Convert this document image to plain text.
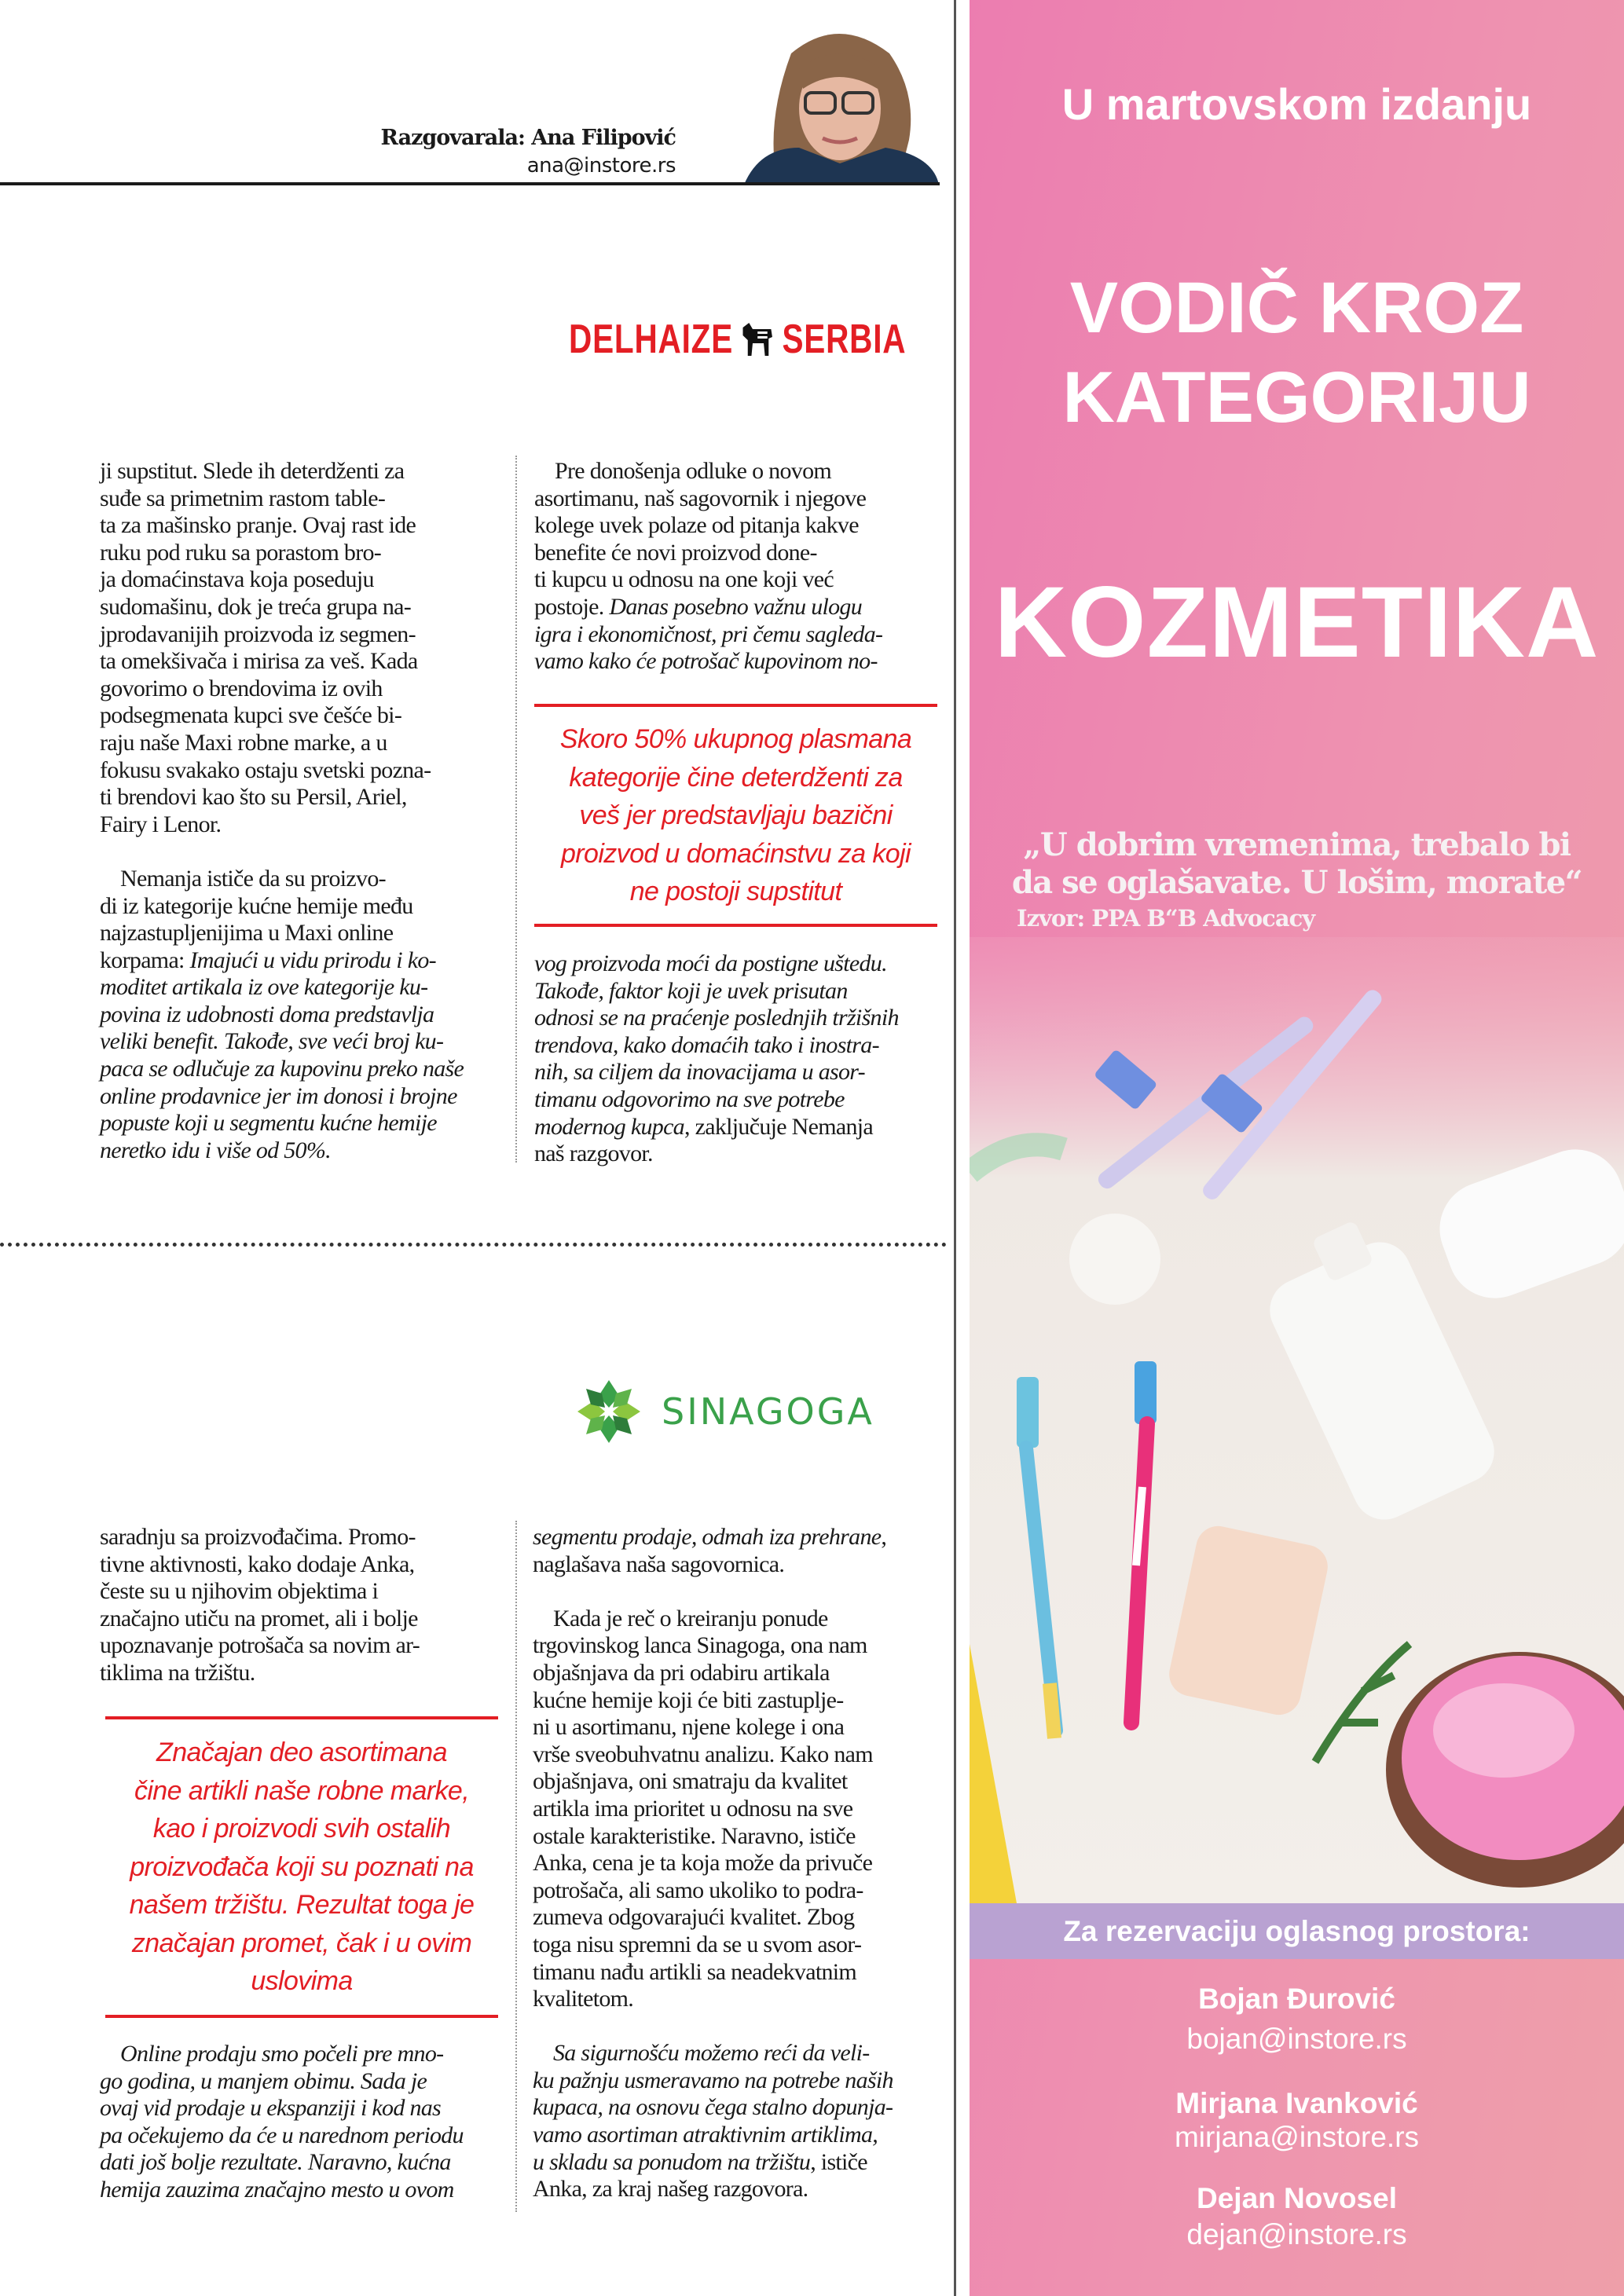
Razgovarala: Ana Filipović
ana@instore.rs
DELHAIZE SERBIA
ji supstitut. Slede ih deterdženti za
suđe sa primetnim rastom table-
ta za mašinsko pranje. Ovaj rast ide
ruku pod ruku sa porastom bro-
ja domaćinstava koja poseduju
sudomašinu, dok je treća grupa na-
jprodavanijih proizvoda iz segmen-
ta omekšivača i mirisa za veš. Kada
govorimo o brendovima iz ovih
podsegmenata kupci sve češće bi-
raju naše Maxi robne marke, a u
fokusu svakako ostaju svetski pozna-
ti brendovi kao što su Persil, Ariel,
Fairy i Lenor.
Nemanja ističe da su proizvo-
di iz kategorije kućne hemije među
najzastupljenijima u Maxi online
korpama: Imajući u vidu prirodu i ko-
moditet artikala iz ove kategorije ku-
povina iz udobnosti doma predstavlja
veliki benefit. Takođe, sve veći broj ku-
paca se odlučuje za kupovinu preko naše
online prodavnice jer im donosi i brojne
popuste koji u segmentu kućne hemije
neretko idu i više od 50%.
Pre donošenja odluke o novom
asortimanu, naš sagovornik i njegove
kolege uvek polaze od pitanja kakve
benefite će novi proizvod done-
ti kupcu u odnosu na one koji već
postoje. Danas posebno važnu ulogu
igra i ekonomičnost, pri čemu sagleda-
vamo kako će potrošač kupovinom no-
Skoro 50% ukupnog plasmana
kategorije čine deterdženti za
veš jer predstavljaju bazični
proizvod u domaćinstvu za koji
ne postoji supstitut
vog proizvoda moći da postigne uštedu.
Takođe, faktor koji je uvek prisutan
odnosi se na praćenje poslednjih tržišnih
trendova, kako domaćih tako i inostra-
nih, sa ciljem da inovacijama u asor-
timanu odgovorimo na sve potrebe
modernog kupca, zaključuje Nemanja
naš razgovor.
SINAGOGA
saradnju sa proizvođačima. Promo-
tivne aktivnosti, kako dodaje Anka,
česte su u njihovim objektima i
značajno utiču na promet, ali i bolje
upoznavanje potrošača sa novim ar-
tiklima na tržištu.
Značajan deo asortimana
čine artikli naše robne marke,
kao i proizvodi svih ostalih
proizvođača koji su poznati na
našem tržištu. Rezultat toga je
značajan promet, čak i u ovim
uslovima
Online prodaju smo počeli pre mno-
go godina, u manjem obimu. Sada je
ovaj vid prodaje u ekspanziji i kod nas
pa očekujemo da će u narednom periodu
dati još bolje rezultate. Naravno, kućna
hemija zauzima značajno mesto u ovom
segmentu prodaje, odmah iza prehrane,
naglašava naša sagovornica.
Kada je reč o kreiranju ponude
trgovinskog lanca Sinagoga, ona nam
objašnjava da pri odabiru artikala
kućne hemije koji će biti zastuplje-
ni u asortimanu, njene kolege i ona
vrše sveobuhvatnu analizu. Kako nam
objašnjava, oni smatraju da kvalitet
artikla ima prioritet u odnosu na sve
ostale karakteristike. Naravno, ističe
Anka, cena je ta koja može da privuče
potrošača, ali samo ukoliko to podra-
zumeva odgovarajući kvalitet. Zbog
toga nisu spremni da se u svom asor-
timanu nađu artikli sa neadekvatnim
kvalitetom.
Sa sigurnošću možemo reći da veli-
ku pažnju usmeravamo na potrebe naših
kupaca, na osnovu čega stalno dopunja-
vamo asortiman atraktivnim artiklima,
u skladu sa ponudom na tržištu, ističe
Anka, za kraj našeg razgovora.
U martovskom izdanju
VODIČ KROZ
KATEGORIJU
KOZMETIKA
„U dobrim vremenima, trebalo bi
da se oglašavate. U lošim, morate“
Izvor: PPA B“B Advocacy
Za rezervaciju oglasnog prostora:
Bojan Đurović
bojan@instore.rs
Mirjana Ivanković
mirjana@instore.rs
Dejan Novosel
dejan@instore.rs
